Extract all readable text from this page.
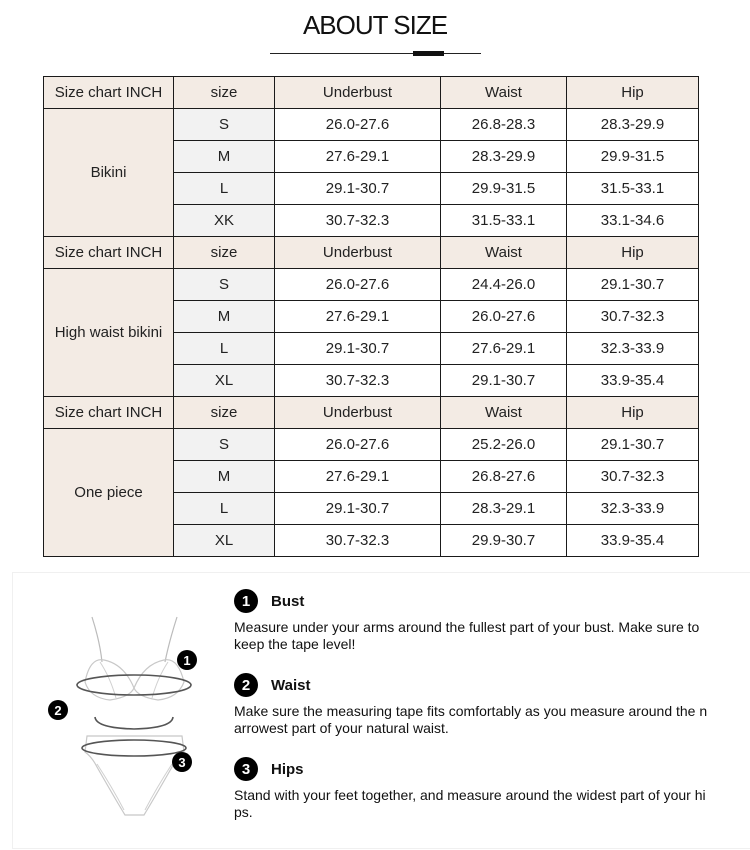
ABOUT SIZE
Size chart INCH	size	Underbust	Waist	Hip
Bikini	S	26.0-27.6	26.8-28.3	28.3-29.9
	M	27.6-29.1	28.3-29.9	29.9-31.5
	L	29.1-30.7	29.9-31.5	31.5-33.1
	XK	30.7-32.3	31.5-33.1	33.1-34.6
Size chart INCH	size	Underbust	Waist	Hip
High waist bikini	S	26.0-27.6	24.4-26.0	29.1-30.7
	M	27.6-29.1	26.0-27.6	30.7-32.3
	L	29.1-30.7	27.6-29.1	32.3-33.9
	XL	30.7-32.3	29.1-30.7	33.9-35.4
Size chart INCH	size	Underbust	Waist	Hip
One piece	S	26.0-27.6	25.2-26.0	29.1-30.7
	M	27.6-29.1	26.8-27.6	30.7-32.3
	L	29.1-30.7	28.3-29.1	32.3-33.9
	XL	30.7-32.3	29.9-30.7	33.9-35.4
1
2
3
1	Bust
Measure under your arms around the fullest part of your bust. Make sure to keep the tape level!
2	Waist
Make sure the measuring tape fits comfortably as you measure around the narrowest part of your natural waist.
3	Hips
Stand with your feet together, and measure around the widest part of your hips.
